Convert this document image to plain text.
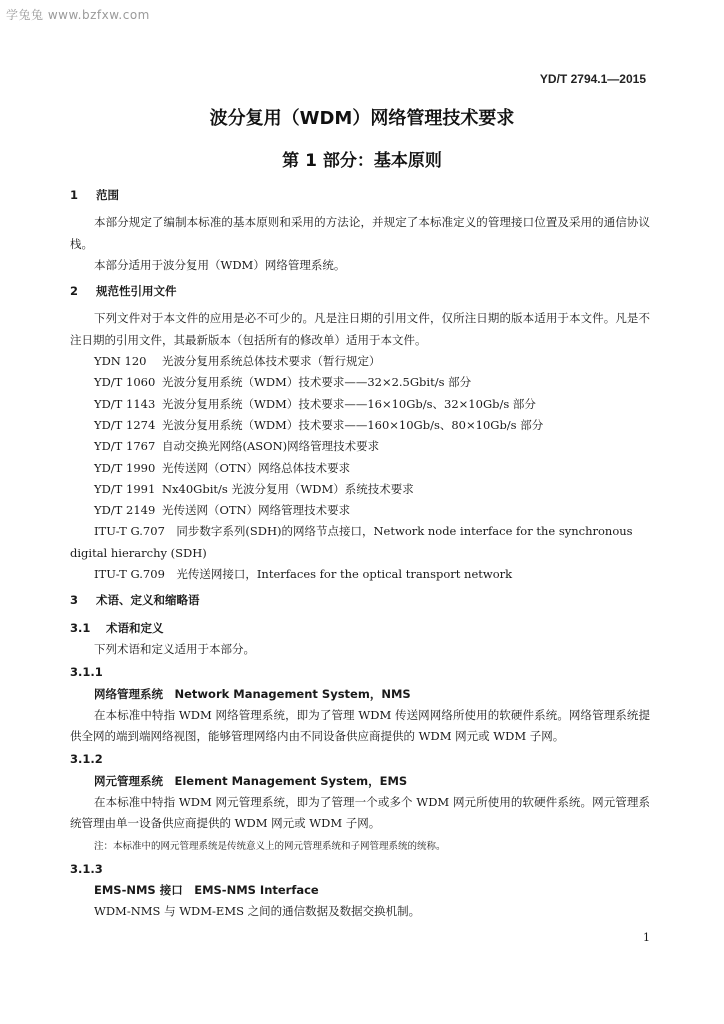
学兔兔 www.bzfxw.com
YD/T 2794.1—2015
波分复用（WDM）网络管理技术要求
第 1 部分：基本原则
1 范围

本部分规定了编制本标准的基本原则和采用的方法论，并规定了本标准定义的管理接口位置及采用的通信协议栈。

本部分适用于波分复用（WDM）网络管理系统。

2 规范性引用文件

下列文件对于本文件的应用是必不可少的。凡是注日期的引用文件，仅所注日期的版本适用于本文件。凡是不注日期的引用文件，其最新版本（包括所有的修改单）适用于本文件。

YDN 120 光波分复用系统总体技术要求（暂行规定）
YD/T 1060 光波分复用系统（WDM）技术要求——32×2.5Gbit/s 部分
YD/T 1143 光波分复用系统（WDM）技术要求——16×10Gb/s、32×10Gb/s 部分
YD/T 1274 光波分复用系统（WDM）技术要求——160×10Gb/s、80×10Gb/s 部分
YD/T 1767 自动交换光网络(ASON)网络管理技术要求
YD/T 1990 光传送网（OTN）网络总体技术要求
YD/T 1991 Nx40Gbit/s 光波分复用（WDM）系统技术要求
YD/T 2149 光传送网（OTN）网络管理技术要求
ITU-T G.707　同步数字系列(SDH)的网络节点接口，Network node interface for the synchronous digital hierarchy (SDH)
ITU-T G.709　光传送网接口，Interfaces for the optical transport network
3 术语、定义和缩略语
3.1 术语和定义

下列术语和定义适用于本部分。

3.1.1
网络管理系统　Network Management System，NMS

在本标准中特指 WDM 网络管理系统，即为了管理 WDM 传送网网络所使用的软硬件系统。网络管理系统提供全网的端到端网络视图，能够管理网络内由不同设备供应商提供的 WDM 网元或 WDM 子网。

3.1.2
网元管理系统　Element Management System，EMS

在本标准中特指 WDM 网元管理系统，即为了管理一个或多个 WDM 网元所使用的软硬件系统。网元管理系统管理由单一设备供应商提供的 WDM 网元或 WDM 子网。

注：本标准中的网元管理系统是传统意义上的网元管理系统和子网管理系统的统称。
3.1.3
EMS-NMS 接口　EMS-NMS Interface

WDM-NMS 与 WDM-EMS 之间的通信数据及数据交换机制。

1
